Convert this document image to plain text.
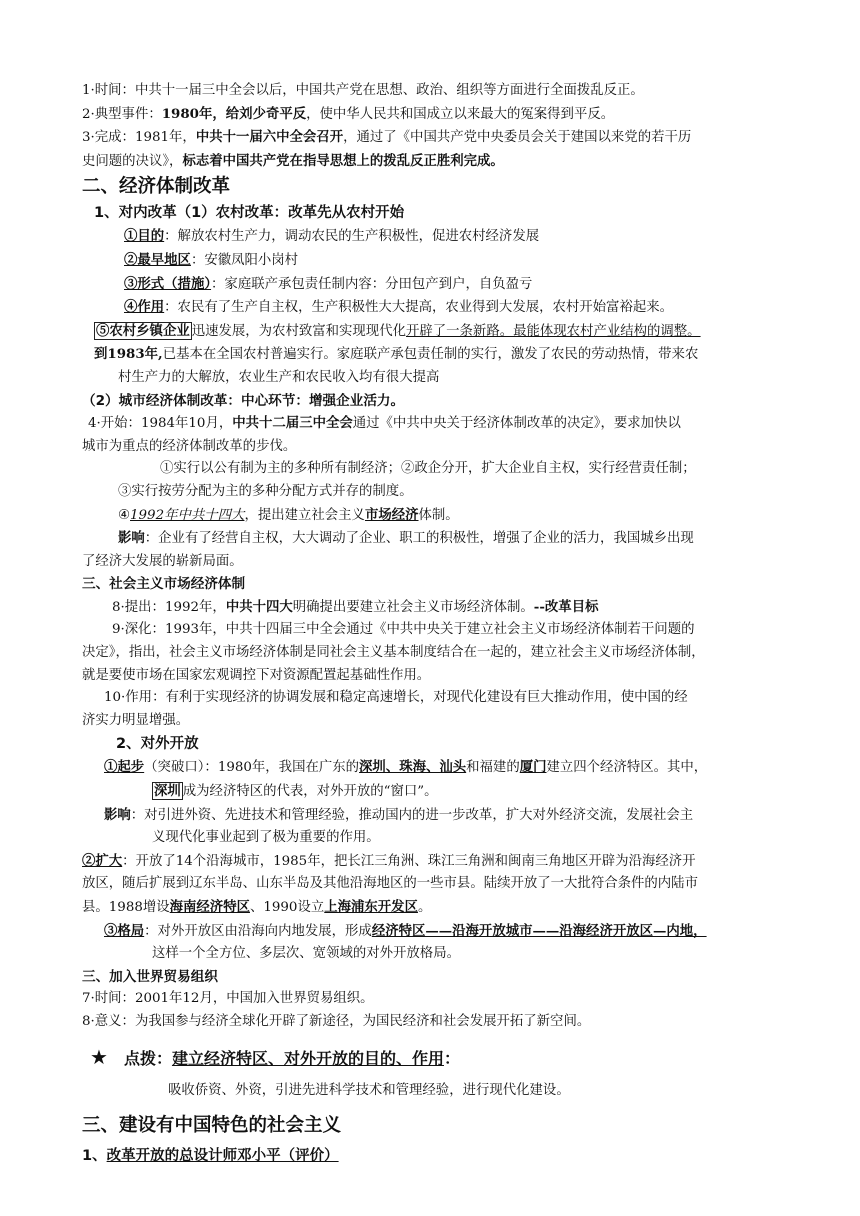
1·时间：中共十一届三中全会以后，中国共产党在思想、政治、组织等方面进行全面拨乱反正。
2·典型事件：1980年，给刘少奇平反，使中华人民共和国成立以来最大的冤案得到平反。
3·完成：1981年，中共十一届六中全会召开，通过了《中国共产党中央委员会关于建国以来党的若干历
史问题的决议》，标志着中国共产党在指导思想上的拨乱反正胜利完成。
二、经济体制改革
1、对内改革（1）农村改革：改革先从农村开始
①目的：解放农村生产力，调动农民的生产积极性，促进农村经济发展
②最早地区：安徽凤阳小岗村
③形式（措施）：家庭联产承包责任制内容：分田包产到户，自负盈亏
④作用：农民有了生产自主权，生产积极性大大提高，农业得到大发展，农村开始富裕起来。
⑤农村乡镇企业 迅速发展，为农村致富和实现现代化开辟了一条新路。最能体现农村产业结构的调整。
到1983年,已基本在全国农村普遍实行。家庭联产承包责任制的实行，激发了农民的劳动热情，带来农
村生产力的大解放，农业生产和农民收入均有很大提高
（2）城市经济体制改革：中心环节：增强企业活力。
4·开始：1984年10月，中共十二届三中全会通过《中共中央关于经济体制改革的决定》，要求加快以
城市为重点的经济体制改革的步伐。
①实行以公有制为主的多种所有制经济；②政企分开，扩大企业自主权，实行经营责任制；
③实行按劳分配为主的多种分配方式并存的制度。
④1992年中共十四大，提出建立社会主义市场经济体制。
影响：企业有了经营自主权，大大调动了企业、职工的积极性，增强了企业的活力，我国城乡出现
了经济大发展的崭新局面。
三、社会主义市场经济体制
8·提出：1992年，中共十四大明确提出要建立社会主义市场经济体制。--改革目标
9·深化：1993年，中共十四届三中全会通过《中共中央关于建立社会主义市场经济体制若干问题的
决定》，指出，社会主义市场经济体制是同社会主义基本制度结合在一起的，建立社会主义市场经济体制，
就是要使市场在国家宏观调控下对资源配置起基础性作用。
10·作用：有利于实现经济的协调发展和稳定高速增长，对现代化建设有巨大推动作用，使中国的经
济实力明显增强。
2、对外开放
①起步（突破口）：1980年，我国在广东的深圳、珠海、汕头和福建的厦门建立四个经济特区。其中，
深圳 成为经济特区的代表，对外开放的“窗口”。
影响：对引进外资、先进技术和管理经验，推动国内的进一步改革，扩大对外经济交流，发展社会主
义现代化事业起到了极为重要的作用。
②扩大：开放了14个沿海城市，1985年，把长江三角洲、珠江三角洲和闽南三角地区开辟为沿海经济开
放区，随后扩展到辽东半岛、山东半岛及其他沿海地区的一些市县。陆续开放了一大批符合条件的内陆市
县。1988增设海南经济特区、1990设立上海浦东开发区。
③格局：对外开放区由沿海向内地发展，形成经济特区——沿海开放城市——沿海经济开放区—内地，
这样一个全方位、多层次、宽领域的对外开放格局。
三、加入世界贸易组织
7·时间：2001年12月，中国加入世界贸易组织。
8·意义：为我国参与经济全球化开辟了新途径，为国民经济和社会发展开拓了新空间。
★ 点拨：建立经济特区、对外开放的目的、作用：
吸收侨资、外资，引进先进科学技术和管理经验，进行现代化建设。
三、建设有中国特色的社会主义
1、改革开放的总设计师邓小平（评价）
